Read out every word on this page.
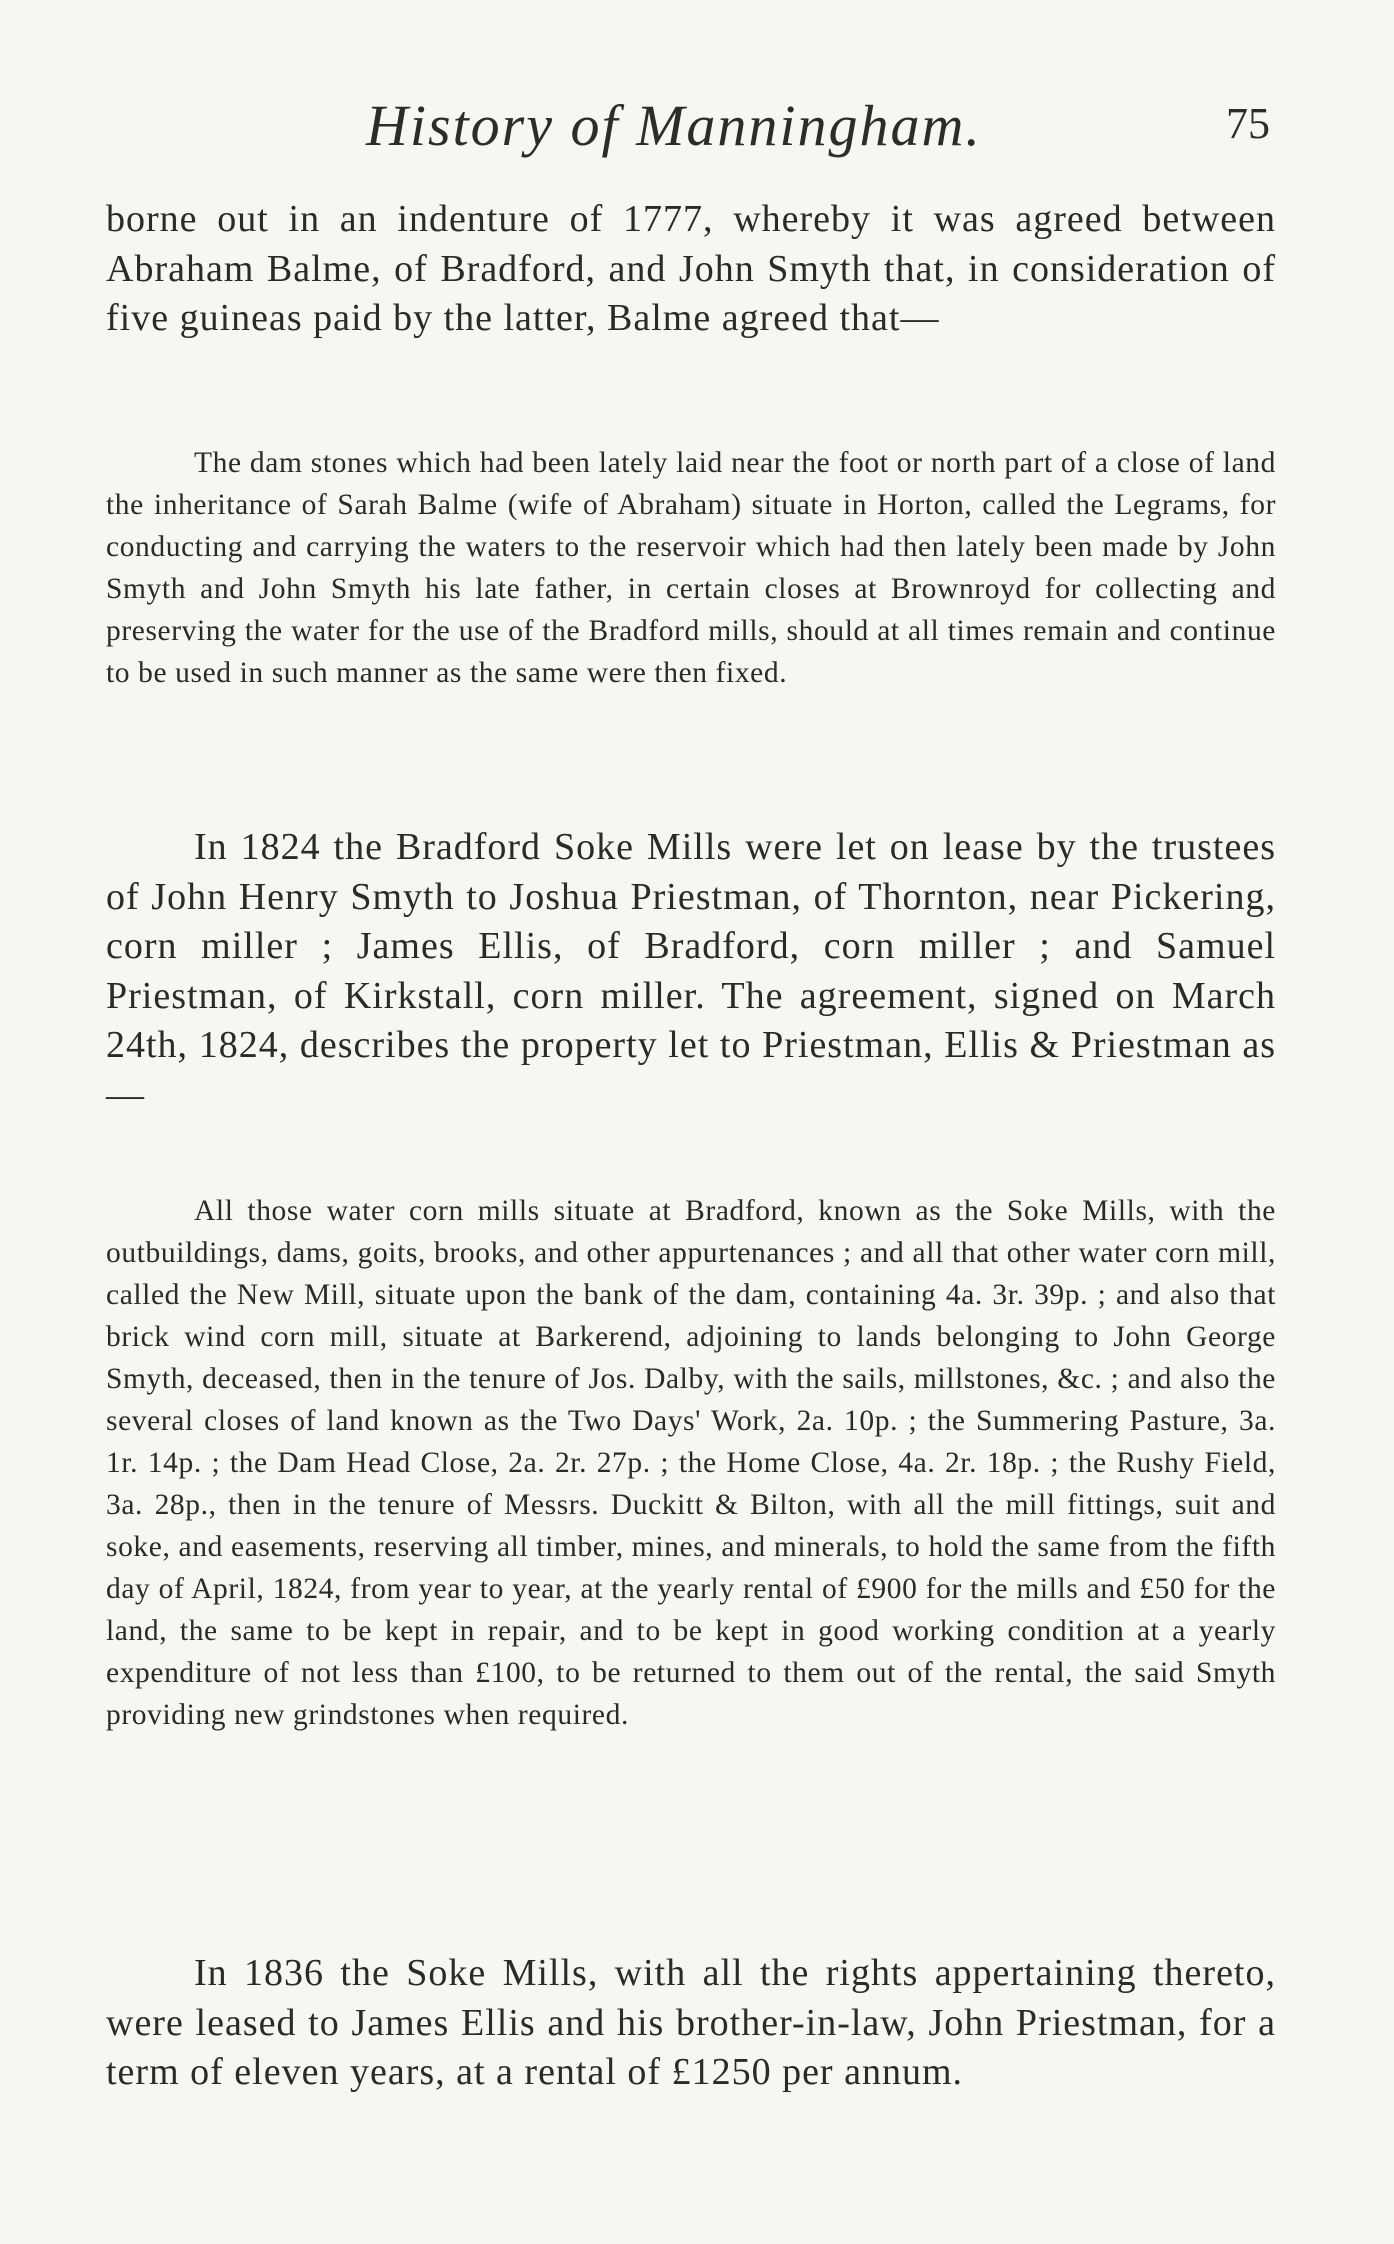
History of Manningham.	75

borne out in an indenture of 1777, whereby it was agreed between Abraham Balme, of Bradford, and John Smyth that, in consideration of five guineas paid by the latter, Balme agreed that—

The dam stones which had been lately laid near the foot or north part of a close of land the inheritance of Sarah Balme (wife of Abraham) situate in Horton, called the Legrams, for conducting and carrying the waters to the reservoir which had then lately been made by John Smyth and John Smyth his late father, in certain closes at Brownroyd for collecting and preserving the water for the use of the Bradford mills, should at all times remain and continue to be used in such manner as the same were then fixed.

In 1824 the Bradford Soke Mills were let on lease by the trustees of John Henry Smyth to Joshua Priestman, of Thornton, near Pickering, corn miller ; James Ellis, of Bradford, corn miller ; and Samuel Priestman, of Kirkstall, corn miller. The agreement, signed on March 24th, 1824, describes the property let to Priestman, Ellis & Priestman as—

All those water corn mills situate at Bradford, known as the Soke Mills, with the outbuildings, dams, goits, brooks, and other appurtenances ; and all that other water corn mill, called the New Mill, situate upon the bank of the dam, containing 4a. 3r. 39p. ; and also that brick wind corn mill, situate at Barkerend, adjoining to lands belonging to John George Smyth, deceased, then in the tenure of Jos. Dalby, with the sails, millstones, &c. ; and also the several closes of land known as the Two Days' Work, 2a. 10p. ; the Summering Pasture, 3a. 1r. 14p. ; the Dam Head Close, 2a. 2r. 27p. ; the Home Close, 4a. 2r. 18p. ; the Rushy Field, 3a. 28p., then in the tenure of Messrs. Duckitt & Bilton, with all the mill fittings, suit and soke, and easements, reserving all timber, mines, and minerals, to hold the same from the fifth day of April, 1824, from year to year, at the yearly rental of £900 for the mills and £50 for the land, the same to be kept in repair, and to be kept in good working condition at a yearly expenditure of not less than £100, to be returned to them out of the rental, the said Smyth providing new grindstones when required.

In 1836 the Soke Mills, with all the rights appertaining thereto, were leased to James Ellis and his brother-in-law, John Priestman, for a term of eleven years, at a rental of £1250 per annum.
